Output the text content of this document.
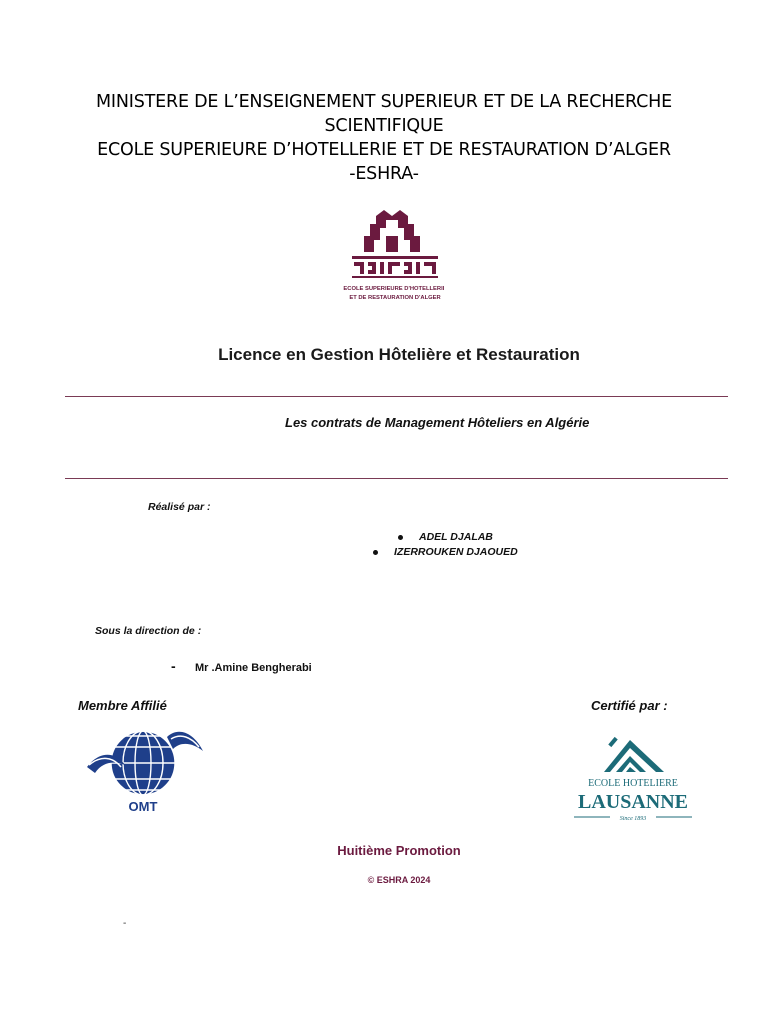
MINISTERE DE L’ENSEIGNEMENT SUPERIEUR ET DE LA RECHERCHE
SCIENTIFIQUE
ECOLE SUPERIEURE D’HOTELLERIE ET DE RESTAURATION D’ALGER
-ESHRA-
ECOLE SUPERIEURE D'HOTELLERIE
ET DE RESTAURATION D'ALGER
Licence en Gestion Hôtelière et Restauration
Les contrats de Management Hôteliers en Algérie
Réalisé par :
ADEL DJALAB
IZERROUKEN DJAOUED
Sous la direction de :
- Mr .Amine Bengherabi
Membre Affilié	Certifié par :
OMT
ECOLE HOTELIERE
LAUSANNE
Since 1893
Huitième Promotion
© ESHRA 2024
-
